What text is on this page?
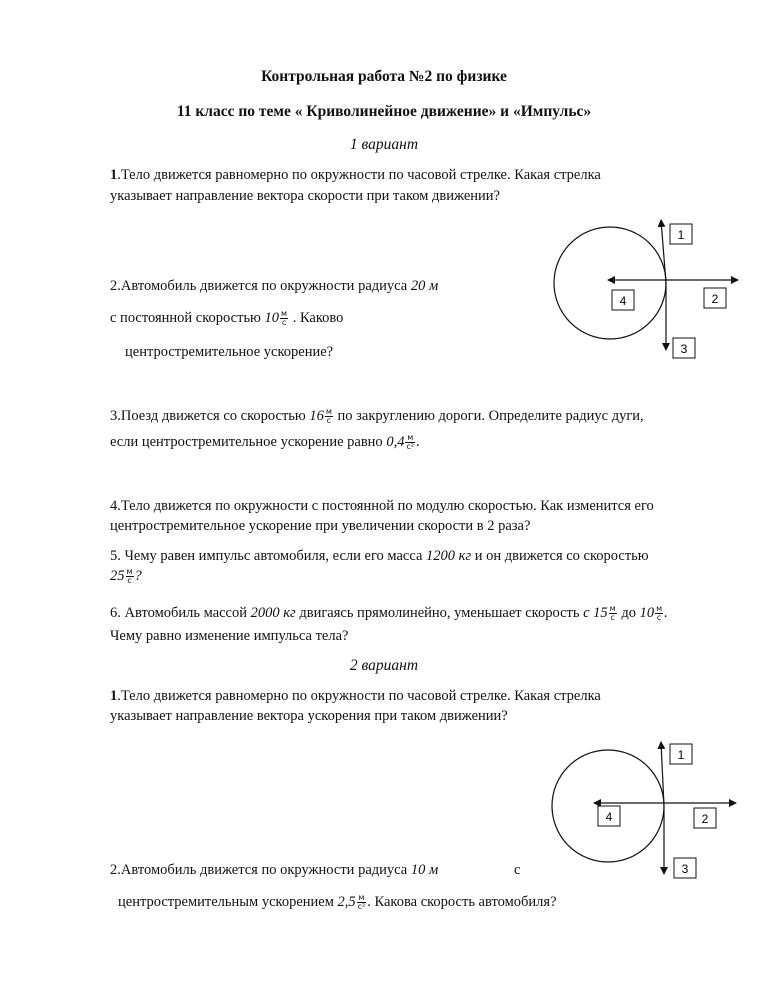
Контрольная работа №2 по физике
11 класс по теме « Криволинейное движение» и «Импульс»
1 вариант
1.Тело движется равномерно по окружности по часовой стрелке. Какая стрелка
указывает направление вектора скорости при таком движении?
2.Автомобиль движется по окружности радиуса 20 м
с постоянной скоростью $10 \frac{м}{с}$ . Каково
центростремительное ускорение?
3.Поезд движется со скоростью $16 \frac{м}{с}$ по закруглению дороги. Определите радиус дуги,
если центростремительное ускорение равно $0,4 \frac{м}{\text{с²}}$ .
4.Тело движется по окружности с постоянной по модулю скоростью. Как изменится его
центростремительное ускорение при увеличении скорости в 2 раза?
5. Чему равен импульс автомобиля, если его масса 1200 кг и он движется со скоростью
$25 \frac{м}{с}$ ?
6. Автомобиль массой 2000 кг двигаясь прямолинейно, уменьшает скорость с $15 \frac{м}{с}$ до $10 \frac{м}{с}$ .
Чему равно изменение импульса тела?
2 вариант
1.Тело движется равномерно по окружности по часовой стрелке. Какая стрелка
указывает направление вектора ускорения при таком движении?
2.Автомобиль движется по окружности радиуса 10 м	с
центростремительным ускорением $2,5 \frac{м}{\text{с²}}$ . Какова скорость автомобиля?
1
2
3
4
1
2
3
4
